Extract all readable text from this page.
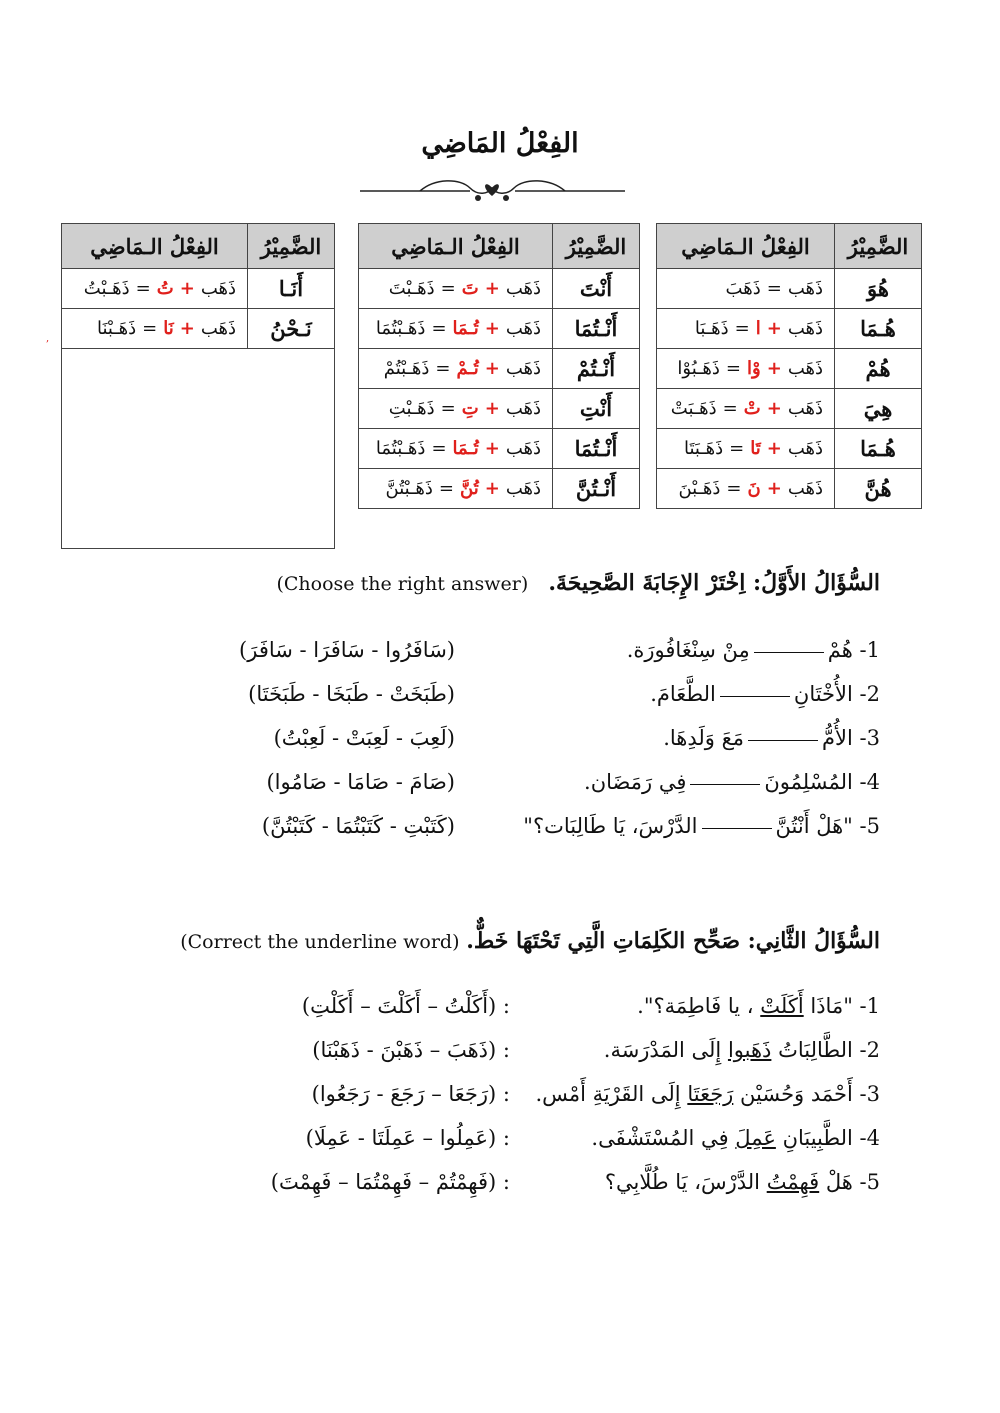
الفِعْلُ المَاضِي
,
الضَّمِيْرُ	الفِعْلُ الـمَاضِي
هُوَ	ذَهَب=ذَهَبَ
هُـمَا	ذَهَب+ا=ذَهَـبَا
هُمْ	ذَهَب+وْا=ذَهَـبُوْا
هِيَ	ذَهَب+تْ=ذَهَـبَتْ
هُـمَا	ذَهَب+تَا=ذَهَـبَتَا
هُنَّ	ذَهَب+نَ=ذَهَـبْنَ
الضَّمِيْرُ	الفِعْلُ الـمَاضِي
أَنْتَ	ذَهَب+تَ=ذَهَـبْتَ
أَنْـتُمَا	ذَهَب+تُـمَا=ذَهَـبْتُمَا
أَنْـتُمْ	ذَهَب+تُـمْ=ذَهَـبْتُمْ
أَنْتِ	ذَهَب+تِ=ذَهَـبْتِ
أَنْـتُمَا	ذَهَب+تُـمَا=ذَهَـبْتُمَا
أَنْـتُنَّ	ذَهَب+تُنَّ=ذَهَـبْتُنَّ
الضَّمِيْرُ	الفِعْلُ الـمَاضِي
أَنَـا	ذَهَب+تُ=ذَهَـبْتُ
نَـحْنُ	ذَهَب+نَا=ذَهَـبْنَا

السُّؤَالُ الأَوَّلُ: اِخْتَرْ الإِجَابَةَ الصَّحِيحَةَ.   (Choose the right answer)
1- هُمْمِنْ سِنْغَافُورَة.
(سَافَرُوا - سَافَرَا - سَافَرَ)
2- الأُخْتَانِالطَّعَامَ.
(طَبَخَتْ - طَبَخَا - طَبَخَتَا)
3- الأُمُّمَعَ وَلَدِهَا.
(لَعِبَ - لَعِبَتْ - لَعِبْتُ)
4- المُسْلِمُونَفِي رَمَضَان.
(صَامَ - صَامَا - صَامُوا)
5- "هَلْ أَنْتُنَّالدَّرْسَ، يَا طَالِبَات؟"
(كَتَبْتِ - كَتَبْتُمَا - كَتَبْتُنَّ)
السُّؤَالُ الثَّانِي: صَحِّح الكَلِمَاتِ الَّتِي تَحْتَهَا خَطٌّ. (Correct the underline word)
1- "مَاذَا أَكَلَتْ ، يا فَاطِمَة؟".
: (أَكَلْتُ – أَكَلْتَ – أَكَلْتِ)
2- الطَّالِبَاتُ ذَهَبوا إِلَى المَدْرَسَة.
: (ذَهَبَ – ذَهَبْنَ - ذَهَبْنَا)
3- أَحْمَد وَحُسَيْن رَجَعَتَا إِلَى القَرْيَةِ أَمْس.
: (رَجَعَا – رَجَعَ - رَجَعُوا)
4- الطَّبِيبَانِ عَمِلَ فِي المُسْتَشْفَى.
: (عَمِلُوا – عَمِلَتَا - عَمِلَا)
5- هَلْ فَهِمْتُ الدَّرْسَ، يَا طُلَّابِي؟
: (فَهِمْتُمْ – فَهِمْتُمَا – فَهِمْتَ)
